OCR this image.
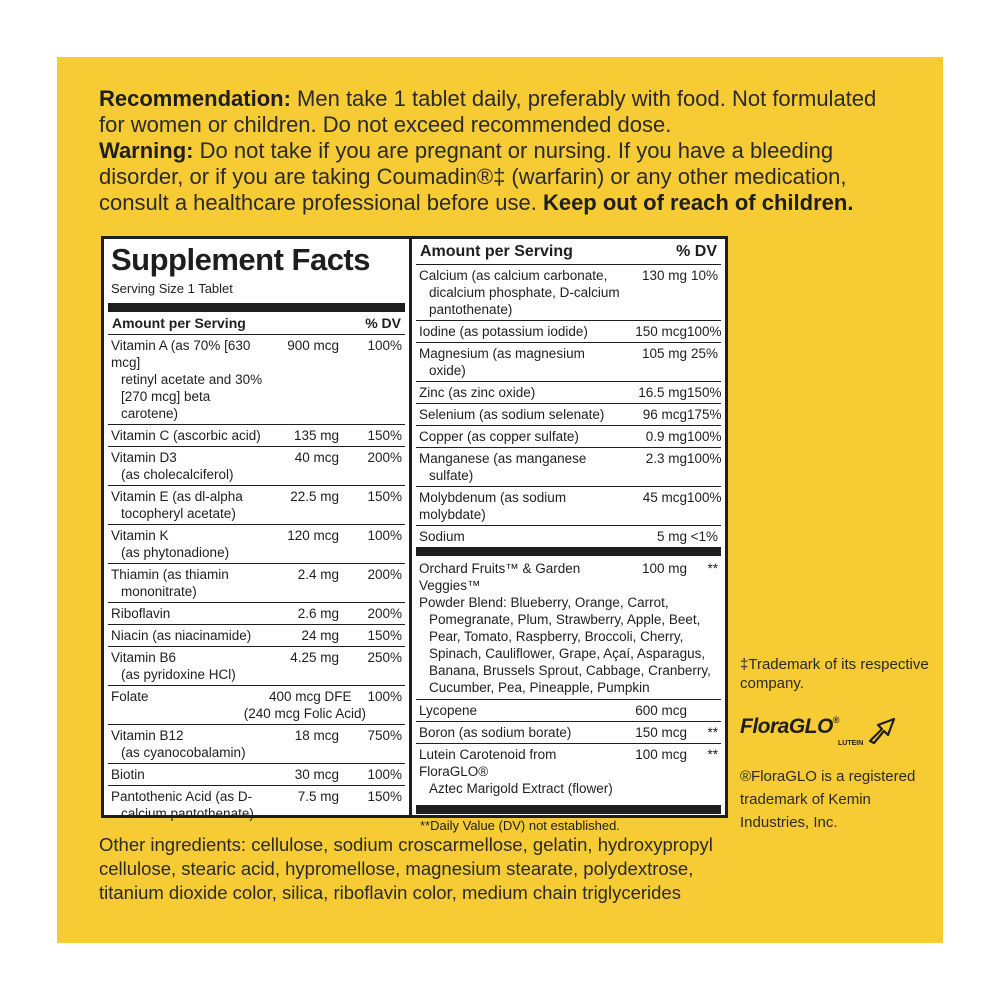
Recommendation: Men take 1 tablet daily, preferably with food. Not formulated for women or children. Do not exceed recommended dose.
Warning: Do not take if you are pregnant or nursing. If you have a bleeding disorder, or if you are taking Coumadin®‡ (warfarin) or any other medication, consult a healthcare professional before use. Keep out of reach of children.
Supplement Facts
Serving Size 1 Tablet
Amount per Serving	% DV
Vitamin A (as 70% [630 mcg]
retinyl acetate and 30% [270 mcg] beta carotene)
900 mcg	100%
Vitamin C (ascorbic acid)	135 mg	150%
Vitamin D3
(as cholecalciferol)
40 mcg	200%
Vitamin E (as dl-alpha
tocopheryl acetate)
22.5 mg	150%
Vitamin K
(as phytonadione)
120 mcg	100%
Thiamin (as thiamin
mononitrate)
2.4 mg	200%
Riboflavin	2.6 mg	200%
Niacin (as niacinamide)	24 mg	150%
Vitamin B6
(as pyridoxine HCl)
4.25 mg	250%
Folate	400 mcg DFE	100%
(240 mcg Folic Acid)
Vitamin B12
(as cyanocobalamin)
18 mcg	750%
Biotin	30 mcg	100%
Pantothenic Acid (as D-
calcium pantothenate)
7.5 mg	150%
Amount per Serving	% DV
Calcium (as calcium carbonate,
dicalcium phosphate, D-calcium pantothenate)
130 mg 10%
Iodine (as potassium iodide)	150 mcg 100%
Magnesium (as magnesium
oxide)
105 mg 25%
Zinc (as zinc oxide)	16.5 mg 150%
Selenium (as sodium selenate)	96 mcg 175%
Copper (as copper sulfate)	0.9 mg 100%
Manganese (as manganese
sulfate)
2.3 mg 100%
Molybdenum (as sodium molybdate)
45 mcg 100%
Sodium	5 mg <1%
Orchard Fruits™ & Garden Veggies™
100 mg	**
Powder Blend: Blueberry, Orange, Carrot,
Pomegranate, Plum, Strawberry, Apple, Beet, Pear, Tomato, Raspberry, Broccoli, Cherry, Spinach, Cauliflower, Grape, Açaí, Asparagus, Banana, Brussels Sprout, Cabbage, Cranberry, Cucumber, Pea, Pineapple, Pumpkin
Lycopene	600 mcg
Boron (as sodium borate)	150 mcg	**
Lutein Carotenoid from FloraGLO®
Aztec Marigold Extract (flower)
100 mcg	**
**Daily Value (DV) not established.
Other ingredients: cellulose, sodium croscarmellose, gelatin, hydroxypropyl cellulose, stearic acid, hypromellose, magnesium stearate, polydextrose, titanium dioxide color, silica, riboflavin color, medium chain triglycerides
‡Trademark of its respective company.
FloraGLO®
LUTEIN
®FloraGLO is a registered trademark of Kemin Industries, Inc.
